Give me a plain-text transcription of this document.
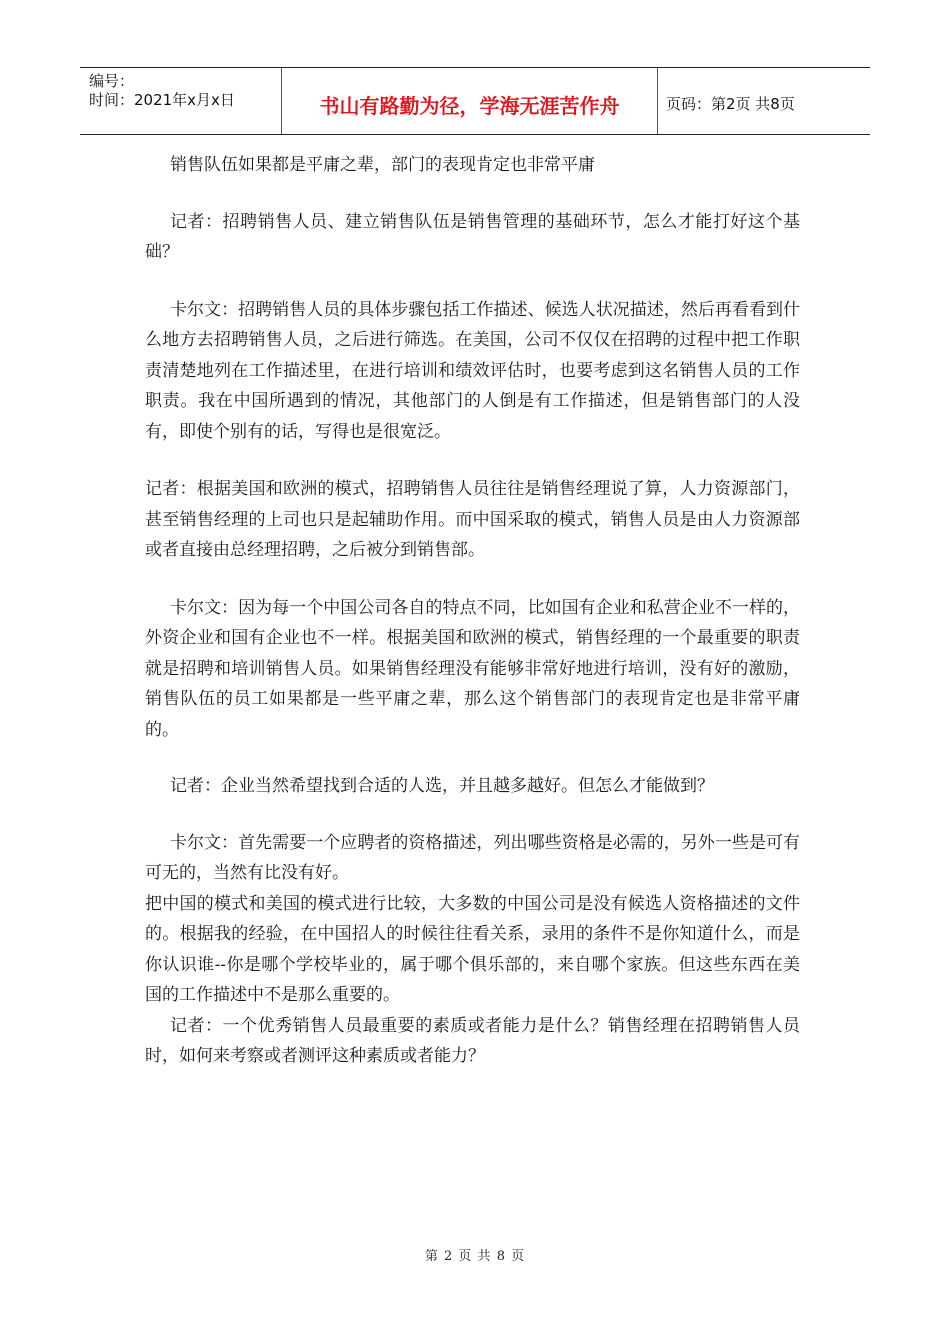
编号：
时间：2021年x月x日	书山有路勤为径，学海无涯苦作舟	页码：第2页 共8页

销售队伍如果都是平庸之辈，部门的表现肯定也非常平庸

记者：招聘销售人员、建立销售队伍是销售管理的基础环节，怎么才能打好这个基础？

卡尔文：招聘销售人员的具体步骤包括工作描述、候选人状况描述，然后再看看到什么地方去招聘销售人员，之后进行筛选。在美国，公司不仅仅在招聘的过程中把工作职责清楚地列在工作描述里，在进行培训和绩效评估时，也要考虑到这名销售人员的工作职责。我在中国所遇到的情况，其他部门的人倒是有工作描述，但是销售部门的人没有，即使个别有的话，写得也是很宽泛。

记者：根据美国和欧洲的模式，招聘销售人员往往是销售经理说了算，人力资源部门，甚至销售经理的上司也只是起辅助作用。而中国采取的模式，销售人员是由人力资源部或者直接由总经理招聘，之后被分到销售部。

卡尔文：因为每一个中国公司各自的特点不同，比如国有企业和私营企业不一样的，外资企业和国有企业也不一样。根据美国和欧洲的模式，销售经理的一个最重要的职责就是招聘和培训销售人员。如果销售经理没有能够非常好地进行培训，没有好的激励，销售队伍的员工如果都是一些平庸之辈，那么这个销售部门的表现肯定也是非常平庸的。

记者：企业当然希望找到合适的人选，并且越多越好。但怎么才能做到？

卡尔文：首先需要一个应聘者的资格描述，列出哪些资格是必需的，另外一些是可有可无的，当然有比没有好。

把中国的模式和美国的模式进行比较，大多数的中国公司是没有候选人资格描述的文件的。根据我的经验，在中国招人的时候往往看关系，录用的条件不是你知道什么，而是你认识谁--你是哪个学校毕业的，属于哪个俱乐部的，来自哪个家族。但这些东西在美国的工作描述中不是那么重要的。

记者：一个优秀销售人员最重要的素质或者能力是什么？销售经理在招聘销售人员时，如何来考察或者测评这种素质或者能力？

第 2 页 共 8 页
